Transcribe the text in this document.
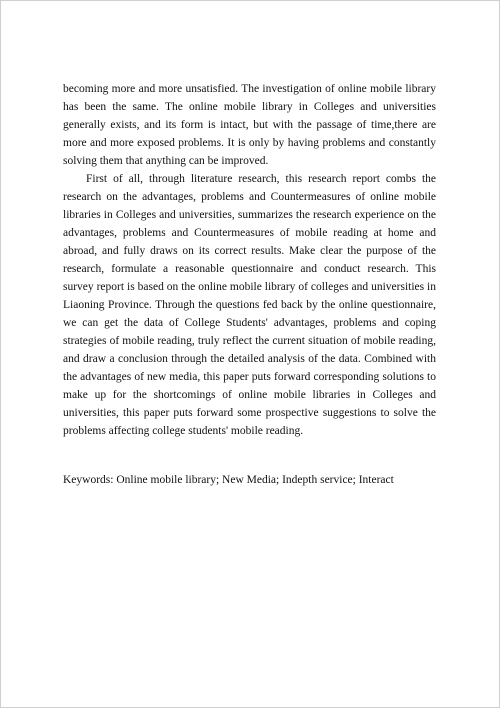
becoming more and more unsatisfied. The investigation of online mobile library has been the same. The online mobile library in Colleges and universities generally exists, and its form is intact, but with the passage of time,there are more and more exposed problems. It is only by having problems and constantly solving them that anything can be improved.

First of all, through literature research, this research report combs the research on the advantages, problems and Countermeasures of online mobile libraries in Colleges and universities, summarizes the research experience on the advantages, problems and Countermeasures of mobile reading at home and abroad, and fully draws on its correct results. Make clear the purpose of the research, formulate a reasonable questionnaire and conduct research. This survey report is based on the online mobile library of colleges and universities in Liaoning Province. Through the questions fed back by the online questionnaire, we can get the data of College Students' advantages, problems and coping strategies of mobile reading, truly reflect the current situation of mobile reading, and draw a conclusion through the detailed analysis of the data. Combined with the advantages of new media, this paper puts forward corresponding solutions to make up for the shortcomings of online mobile libraries in Colleges and universities, this paper puts forward some prospective suggestions to solve the problems affecting college students' mobile reading.

Keywords: Online mobile library; New Media; Indepth service; Interact
